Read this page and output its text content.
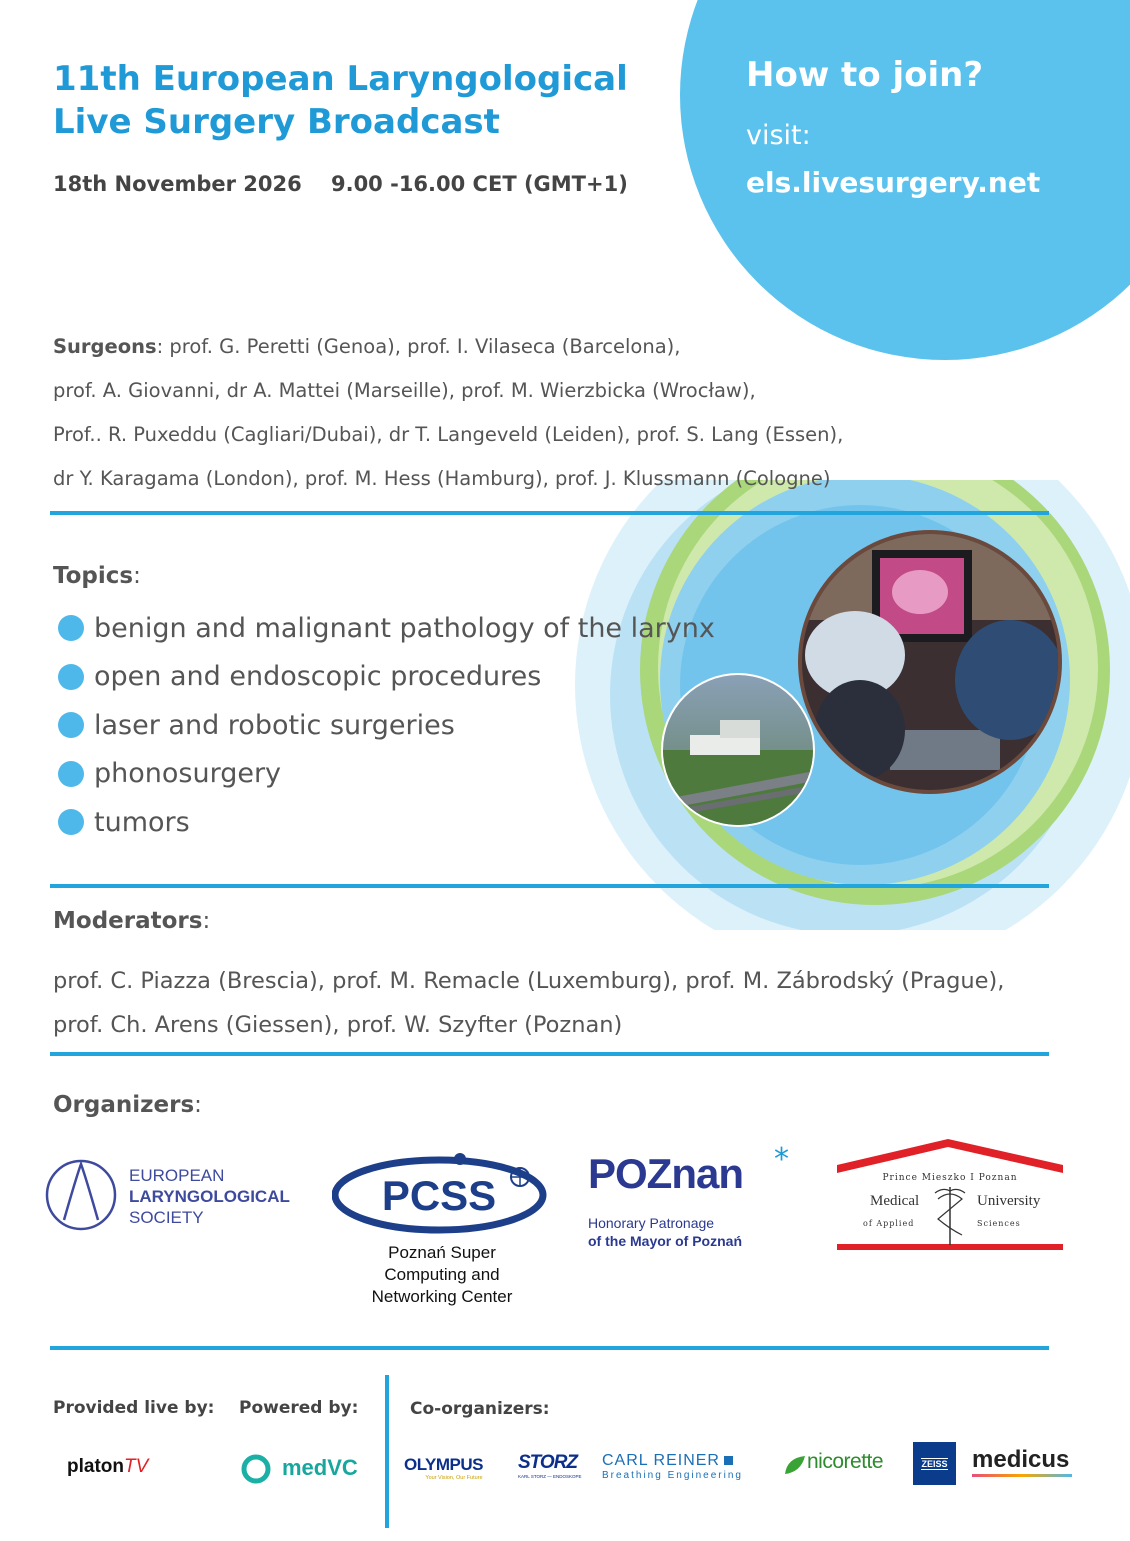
11th European Laryngological
Live Surgery Broadcast
18th November 2026 9.00 -16.00 CET (GMT+1)
How to join?
visit:
els.livesurgery.net
Surgeons: prof. G. Peretti (Genoa), prof. I. Vilaseca (Barcelona),
prof. A. Giovanni, dr A. Mattei (Marseille), prof. M. Wierzbicka (Wrocław),
Prof.. R. Puxeddu (Cagliari/Dubai), dr T. Langeveld (Leiden), prof. S. Lang (Essen),
dr Y. Karagama (London), prof. M. Hess (Hamburg), prof. J. Klussmann (Cologne)
Topics:
benign and malignant pathology of the larynx
open and endoscopic procedures
laser and robotic surgeries
phonosurgery
tumors
Moderators:
prof. C. Piazza (Brescia), prof. M. Remacle (Luxemburg), prof. M. Zábrodský (Prague),
prof. Ch. Arens (Giessen), prof. W. Szyfter (Poznan)
Organizers:
EUROPEAN
LARYNGOLOGICAL
SOCIETY	PCSS
Poznań Super
Computing and
Networking Center
POZnan *
Honorary Patronage
of the Mayor of Poznań
Prince Mieszko I Poznan
Medical	University
of Applied	Sciences
Provided live by: Powered by:	Co-organizers:
platonTV	medVC	OLYMPUS
Your Vision, Our Future
STORZ
KARL STORZ — ENDOSKOPE
CARL REINER
Breathing Engineering
nicorette	ZEISS medicus
